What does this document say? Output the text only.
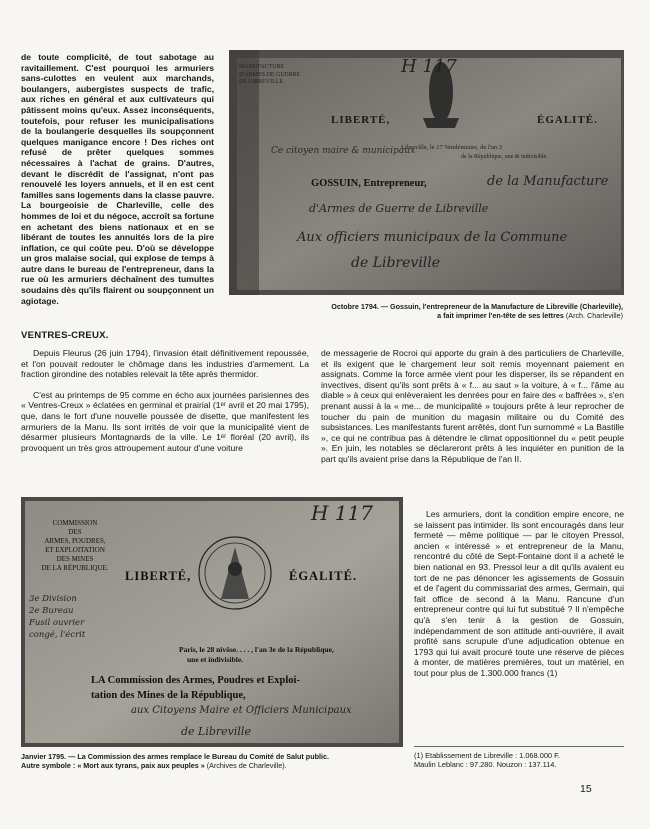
de toute complicité, de tout sabotage au ravitaillement. C'est pourquoi les armuriers sans-culottes en veulent aux marchands, boulangers, aubergistes suspects de trafic, aux riches en général et aux cultivateurs qui pâtissent moins qu'eux. Assez inconséquents, toutefois, pour refuser les municipalisations de la boulangerie desquelles ils soupçonnent quelques manigance encore ! Des riches ont refusé de prêter quelques sommes nécessaires à l'achat de grains. D'autres, devant le discrédit de l'assignat, n'ont pas renouvelé les loyers annuels, et il en est cent familles sans logements dans la classe pauvre. La bourgeoisie de Charleville, celle des hommes de loi et du négoce, accroît sa fortune en achetant des biens nationaux et en se libérant de toutes les annuités lors de la pire inflation, ce qui coûte peu. D'où se développe un gros malaise social, qui explose de temps à autre dans le bureau de l'entrepreneur, dans la rue où les armuriers déchaînent des tumultes soudains dès qu'ils flairent ou soupçonnent un agiotage.

MANUFACTURE
D'ARMES DE GUERRE
DE LIBREVILLE.
LIBERTÉ,	ÉGALITÉ.
H 117
Libreville, le 17 Vendémiaire, de l'an 3
de la République, une & indivisible.
Ce citoyen maire & municipaux
GOSSUIN, Entrepreneur,	de la Manufacture
d'Armes de Guerre de Libreville
Aux officiers municipaux de la Commune
de Libreville
Octobre 1794. — Gossuin, l'entrepreneur de la Manufacture de Libreville (Charleville),
a fait imprimer l'en-tête de ses lettres (Arch. Charleville)
VENTRES-CREUX.

Depuis Fleurus (26 juin 1794), l'invasion était définitivement repoussée, et l'on pouvait redouter le chômage dans les industries d'armement. La fraction girondine des notables relevait la tête après thermidor.

C'est au printemps de 95 comme en écho aux journées parisiennes des « Ventres-Creux » éclatées en germinal et prairial (1ᵉʳ avril et 20 mai 1795), que, dans le fort d'une nouvelle poussée de disette, que manifestent les armuriers de la Manu. Ils sont irrités de voir que la municipalité vient de désarmer plusieurs Montagnards de la ville. Le 1ᵉʳ floréal (20 avril), ils provoquent un très gros attroupement autour d'une voiture

de messagerie de Rocroi qui apporte du grain à des particuliers de Charleville, et ils exigent que le chargement leur soit remis moyennant paiement en assignats. Comme la force armée vient pour les disperser, ils se répandent en invectives, disent qu'ils sont prêts à « f... au saut » la voiture, à « f... l'âme au diable » à ceux qui enlèveraient les denrées pour en faire des « baffrées », s'en prenant aussi à la « me... de municipalité » toujours prête à leur reprocher de toucher du pain de munition du magasin militaire ou du Comité des subsistances. Les manifestants furent arrêtés, dont l'un surnommé « La Bastille », ce qui ne contribua pas à détendre le climat oppositionnel du « petit peuple ». En juin, les notables se déclareront prêts à les inquiéter en punition de la part qu'ils avaient prise dans la République de l'an II.

COMMISSION
DES
ARMES, POUDRES,
ET EXPLOITATION
DES MINES
DE LA RÉPUBLIQUE.
LIBERTÉ,	ÉGALITÉ.
H 117
3e Division
2e Bureau
Fusil ouvrier
congé, l'écrit
Paris, le 28 nivôse. . . . , l'an 3e de la République,
une et indivisible.
LA Commission des Armes, Poudres et Exploi-
tation des Mines de la République,
aux Citoyens Maire et Officiers Municipaux
de Libreville

Les armuriers, dont la condition empire encore, ne se laissent pas intimider. Ils sont encouragés dans leur fermeté — même politique — par le citoyen Pressol, ancien « intéressé » et entrepreneur de la Manu, rencontré du côté de Sept-Fontaine dont il a acheté le bien national en 93. Pressol leur a dit qu'ils avaient eu tort de ne pas dénoncer les agissements de Gossuin et de l'agent du commissariat des armes, Germain, qui fait office de second à la Manu. Rancune d'un entrepreneur contre qui lui fut substitué ? Il n'empêche qu'à s'en tenir à la gestion de Gossuin, indépendamment de son attitude anti-ouvrière, il avait profité sans scrupule d'une adjudication obtenue en 1793 qui lui avait procuré toute une réserve de pièces à monter, de matières premières, tout un matériel, en tout pour plus de 1.300.000 francs (1)

Janvier 1795. — La Commission des armes remplace le Bureau du Comité de Salut public.
Autre symbole : « Mort aux tyrans, paix aux peuples » (Archives de Charleville).
(1) Etablissement de Libreville : 1.068.000 F.
Maulin Leblanc : 97.280. Nouzon : 137.114.
15
